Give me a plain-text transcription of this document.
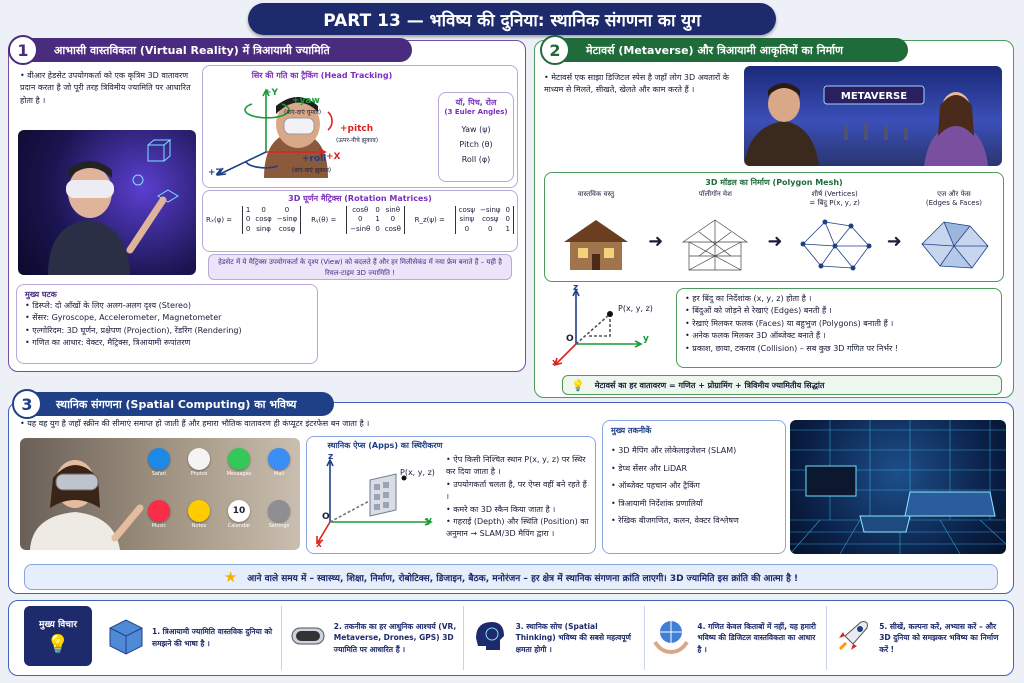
PART 13 — भविष्य की दुनिया: स्थानिक संगणना का युग
आभासी वास्तविकता (Virtual Reality) में त्रिआयामी ज्यामिति
1
• वीआर हेडसेट उपयोगकर्ता को एक कृत्रिम 3D वातावरण प्रदान करता है जो पूरी तरह त्रिविमीय ज्यामिति पर आधारित होता है ।
सिर की गति का ट्रैकिंग (Head Tracking)
+Y
+X
+Z
+yaw
(बाएं-दाएं घुमाव)
+pitch
(ऊपर-नीचे झुकाव)
+roll
(बाएं-दाएं झुकाव)
यॉ, पिच, रोल
(3 Euler Angles)
Yaw (ψ)
Pitch (θ)
Roll (φ)
3D घूर्णन मैट्रिक्स (Rotation Matrices)
Rₓ(φ) =
1	0	0
0 cosφ −sinφ
0 sinφ cosφ
Rᵧ(θ) =
cosθ 0 sinθ
0	1	0
−sinθ 0 cosθ
R_z(ψ) =
cosψ −sinψ 0
sinψ cosψ 0
0	0	1
हेडसेट में ये मैट्रिक्स उपयोगकर्ता के दृश्य (View) को बदलते हैं और हर मिलीसेकंड में नया फ्रेम बनाते हैं – यही है रियल-टाइम 3D ज्यामिति !
मुख्य घटक
• डिस्प्ले: दो आँखों के लिए अलग-अलग दृश्य (Stereo)
• सेंसर: Gyroscope, Accelerometer, Magnetometer
• एल्गोरिदम: 3D घूर्णन, प्रक्षेपण (Projection), रेंडरिंग (Rendering)
• गणित का आधार: वेक्टर, मैट्रिक्स, त्रिआयामी रूपांतरण
मेटावर्स (Metaverse) और त्रिआयामी आकृतियों का निर्माण
2
• मेटावर्स एक साझा डिजिटल स्पेस है जहाँ लोग 3D अवतारों के माध्यम से मिलते, सीखते, खेलते और काम करते हैं ।
METAVERSE
3D मॉडल का निर्माण (Polygon Mesh)
वास्तविक वस्तु
➜
पॉलीगॉन मेश
➜
शीर्ष (Vertices)
= बिंदु P(x, y, z)
➜
एज और फेस
(Edges & Faces)
z
y
x
O
P(x, y, z)
• हर बिंदु का निर्देशांक (x, y, z) होता है ।
• बिंदुओं को जोड़ने से रेखाएं (Edges) बनती हैं ।
• रेखाएं मिलकर फलक (Faces) या बहुभुज (Polygons) बनाती हैं ।
• अनेक फलक मिलकर 3D ऑब्जेक्ट बनाते हैं ।
• प्रकाश, छाया, टकराव (Collision) – सब कुछ 3D गणित पर निर्भर !
💡 मेटावर्स का हर वातावरण = गणित + प्रोग्रामिंग + त्रिविमीय ज्यामितीय सिद्धांत
स्थानिक संगणना (Spatial Computing) का भविष्य
3
• यह वह युग है जहाँ स्क्रीन की सीमाएं समाप्त हो जाती हैं और हमारा भौतिक वातावरण ही कंप्यूटर इंटरफेस बन जाता है ।
Safari	Photos	Messages	Mail
Music	Notes
10
Calendar	Settings
स्थानिक ऐप्स (Apps) का स्थिरीकरण
z
y
x
O
P(x, y, z)
• ऐप किसी निश्चित स्थान P(x, y, z) पर स्थिर कर दिया जाता है ।
• उपयोगकर्ता चलता है, पर ऐप्स वहीं बने रहते हैं ।
• कमरे का 3D स्कैन किया जाता है ।
• गहराई (Depth) और स्थिति (Position) का अनुमान → SLAM/3D मैपिंग द्वारा ।
मुख्य तकनीकें
• 3D मैपिंग और लोकेलाइजेशन (SLAM)
• डेप्थ सेंसर और LiDAR
• ऑब्जेक्ट पहचान और ट्रैकिंग
• त्रिआयामी निर्देशांक प्रणालियाँ
• रेखिक बीजगणित, कलन, वेक्टर विश्लेषण
★ आने वाले समय में – स्वास्थ्य, शिक्षा, निर्माण, रोबोटिक्स, डिजाइन, बैठक, मनोरंजन – हर क्षेत्र में स्थानिक संगणना क्रांति लाएगी। 3D ज्यामिति इस क्रांति की आत्मा है !
मुख्य विचार
💡
1. त्रिआयामी ज्यामिति वास्तविक दुनिया को समझने की भाषा है ।
2. तकनीक का हर आधुनिक आश्चर्य (VR, Metaverse, Drones, GPS) 3D ज्यामिति पर आधारित हैं ।
3. स्थानिक सोच (Spatial Thinking) भविष्य की सबसे महत्वपूर्ण क्षमता होगी ।
4. गणित केवल किताबों में नहीं, यह हमारी भविष्य की डिजिटल वास्तविकता का आधार है ।
5. सीखें, कल्पना करें, अभ्यास करें – और 3D दुनिया को समझकर भविष्य का निर्माण करें !
